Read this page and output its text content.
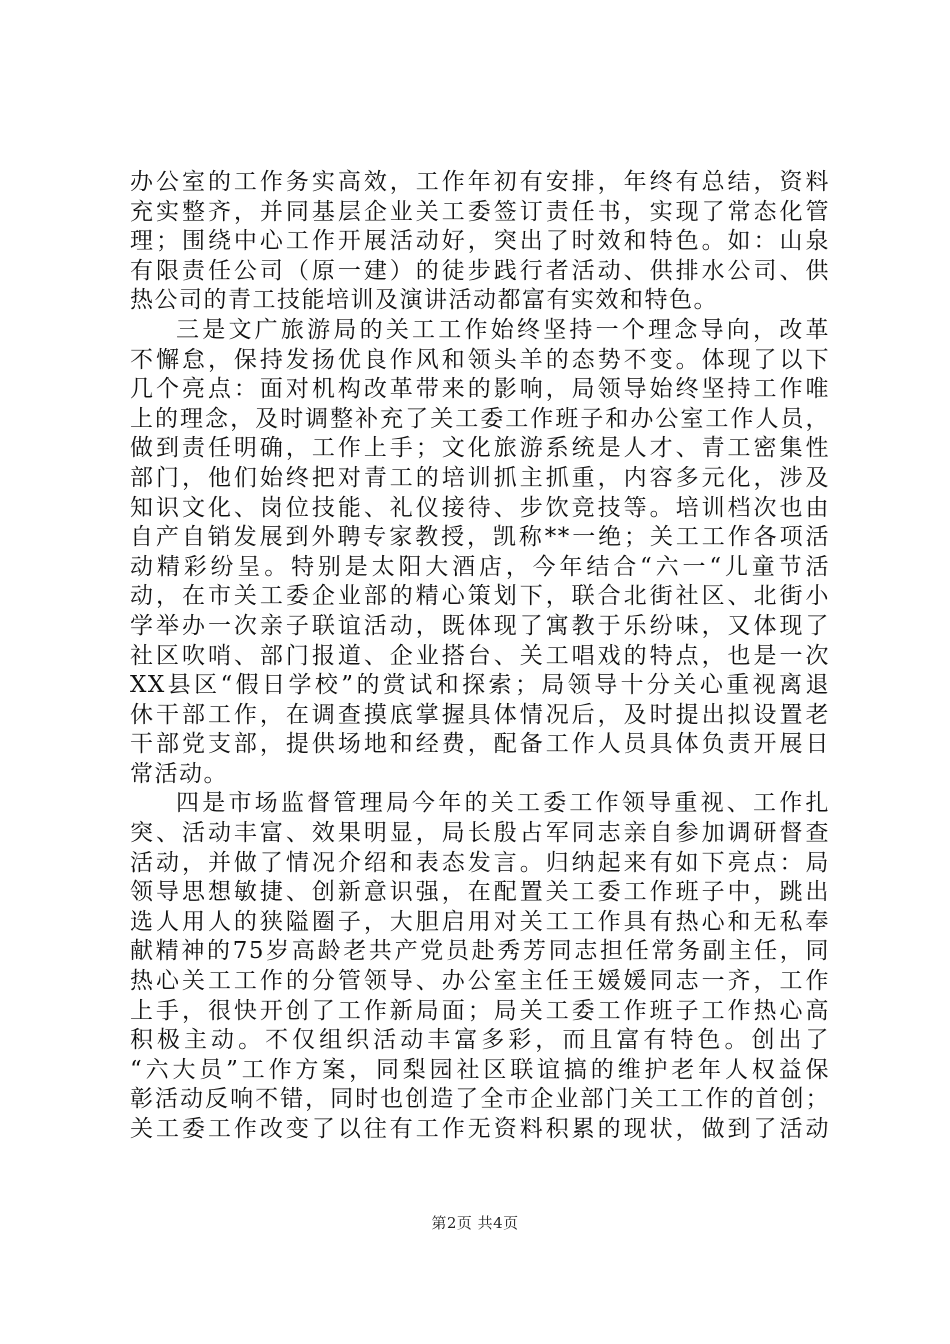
办公室的工作务实高效，工作年初有安排，年终有总结，资料
充实整齐，并同基层企业关工委签订责任书，实现了常态化管
理；围绕中心工作开展活动好，突出了时效和特色。如：山泉
有限责任公司（原一建）的徒步践行者活动、供排水公司、供
热公司的青工技能培训及演讲活动都富有实效和特色。
三是文广旅游局的关工工作始终坚持一个理念导向，改革
不懈怠，保持发扬优良作风和领头羊的态势不变。体现了以下
几个亮点：面对机构改革带来的影响，局领导始终坚持工作唯
上的理念，及时调整补充了关工委工作班子和办公室工作人员，
做到责任明确，工作上手；文化旅游系统是人才、青工密集性
部门，他们始终把对青工的培训抓主抓重，内容多元化，涉及
知识文化、岗位技能、礼仪接待、步饮竞技等。培训档次也由
自产自销发展到外聘专家教授，凯称**一绝；关工工作各项活
动精彩纷呈。特别是太阳大酒店，今年结合“六一“儿童节活
动，在市关工委企业部的精心策划下，联合北街社区、北街小
学举办一次亲子联谊活动，既体现了寓教于乐纷味，又体现了
社区吹哨、部门报道、企业搭台、关工唱戏的特点，也是一次
XX县区“假日学校”的赏试和探索；局领导十分关心重视离退
休干部工作，在调查摸底掌握具体情况后，及时提出拟设置老
干部党支部，提供场地和经费，配备工作人员具体负责开展日
常活动。
四是市场监督管理局今年的关工委工作领导重视、工作扎
突、活动丰富、效果明显，局长殷占军同志亲自参加调研督查
活动，并做了情况介绍和表态发言。归纳起来有如下亮点：局
领导思想敏捷、创新意识强，在配置关工委工作班子中，跳出
选人用人的狭隘圈子，大胆启用对关工工作具有热心和无私奉
献精神的75岁高龄老共产党员赴秀芳同志担任常务副主任，同
热心关工工作的分管领导、办公室主任王媛媛同志一齐，工作
上手，很快开创了工作新局面；局关工委工作班子工作热心高
积极主动。不仅组织活动丰富多彩，而且富有特色。创出了
“六大员”工作方案，同梨园社区联谊搞的维护老年人权益保
彰活动反响不错，同时也创造了全市企业部门关工工作的首创；
关工委工作改变了以往有工作无资料积累的现状，做到了活动
第2页 共4页
